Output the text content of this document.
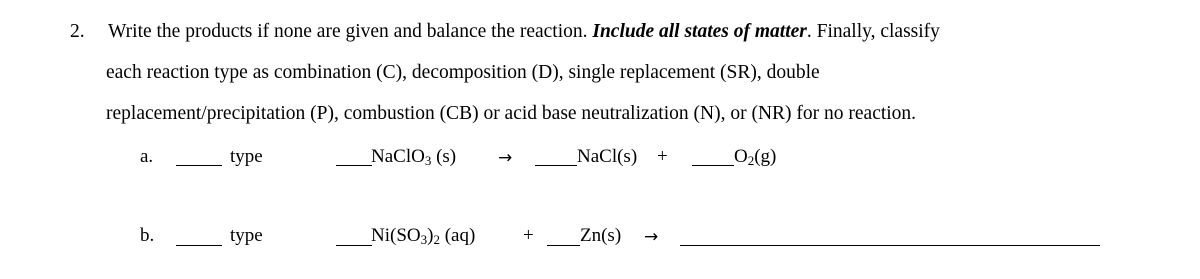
2. Write the products if none are given and balance the reaction. Include all states of matter. Finally, classify
each reaction type as combination (C), decomposition (D), single replacement (SR), double
replacement/precipitation (P), combustion (CB) or acid base neutralization (N), or (NR) for no reaction.
a.	type	NaClO$_3$ (s) →	NaCl(s) +	$O_2(g)$
b.	type	$Ni(SO_3)_2$ (aq)	+ Zn(s) →
